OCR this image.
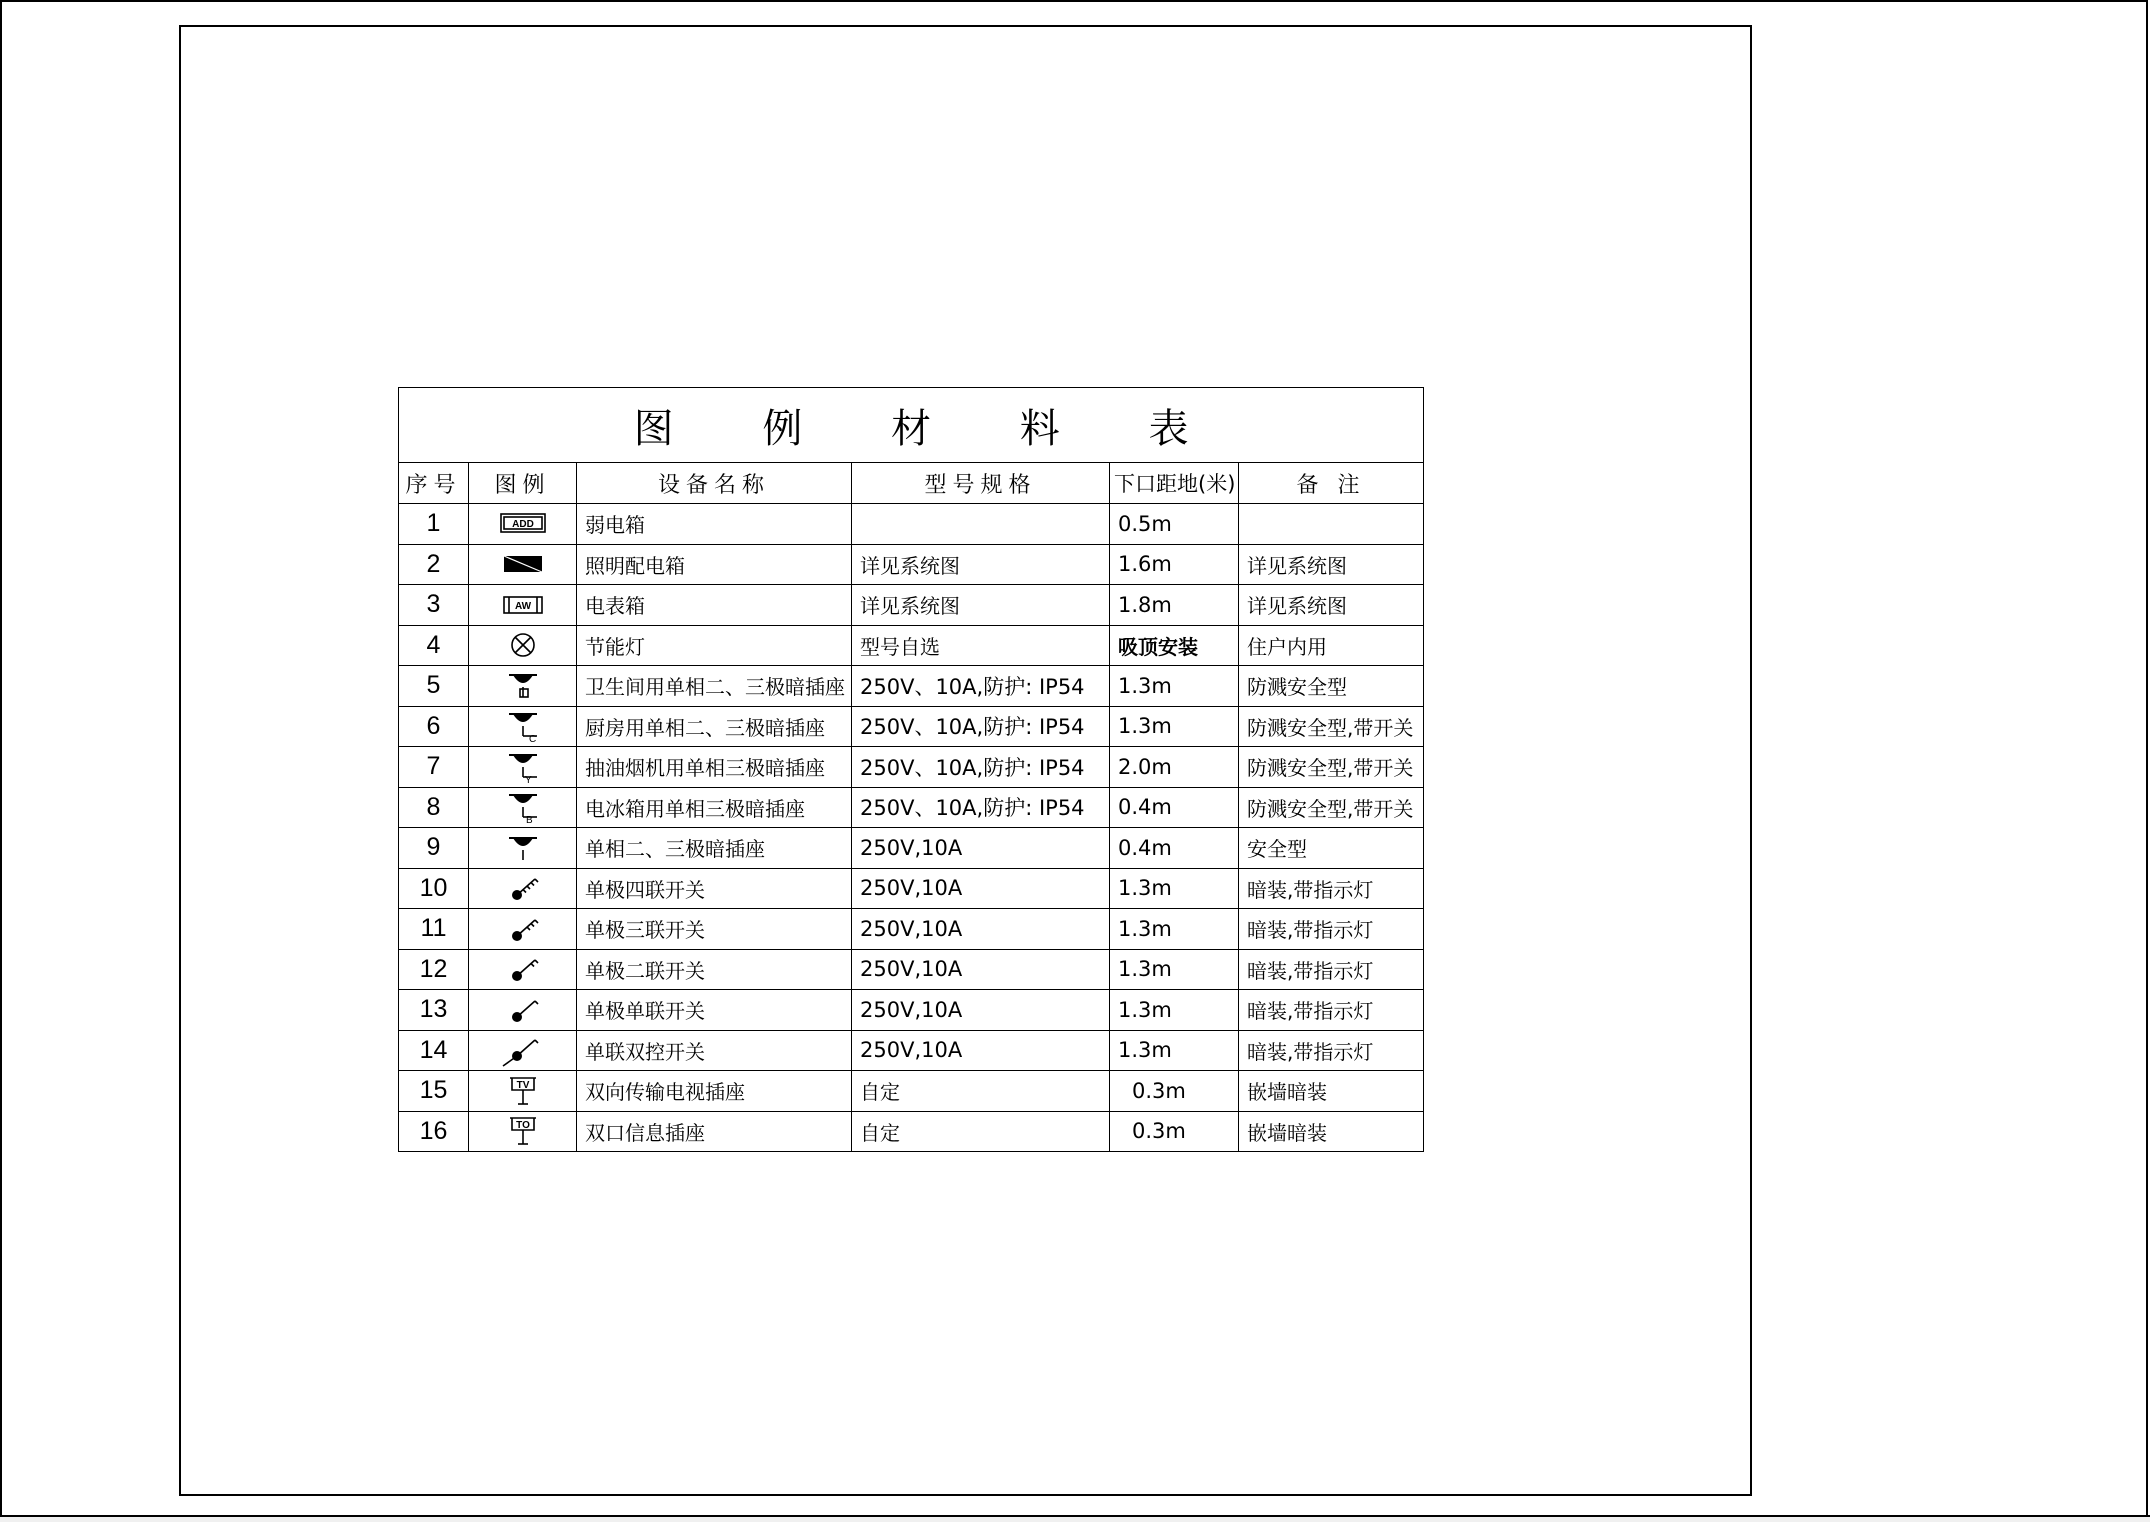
图 例 材 料 表					
序号	图例	设备名称	型号规格	下口距地(米)	备 注
1	ADD	弱电箱		0.5m	
2		照明配电箱	详见系统图	1.6m	详见系统图
3	AW	电表箱	详见系统图	1.8m	详见系统图
4		节能灯	型号自选	吸顶安装	住户内用
5		卫生间用单相二、三极暗插座	250V、10A,防护: IP54	1.3m	防溅安全型
6	C	厨房用单相二、三极暗插座	250V、10A,防护: IP54	1.3m	防溅安全型,带开关
7	Y	抽油烟机用单相三极暗插座	250V、10A,防护: IP54	2.0m	防溅安全型,带开关
8	B	电冰箱用单相三极暗插座	250V、10A,防护: IP54	0.4m	防溅安全型,带开关
9		单相二、三极暗插座	250V,10A	0.4m	安全型
10		单极四联开关	250V,10A	1.3m	暗装,带指示灯
11		单极三联开关	250V,10A	1.3m	暗装,带指示灯
12		单极二联开关	250V,10A	1.3m	暗装,带指示灯
13		单极单联开关	250V,10A	1.3m	暗装,带指示灯
14		单联双控开关	250V,10A	1.3m	暗装,带指示灯
15	TV	双向传输电视插座	自定	0.3m	嵌墙暗装
16	TO	双口信息插座	自定	0.3m	嵌墙暗装
